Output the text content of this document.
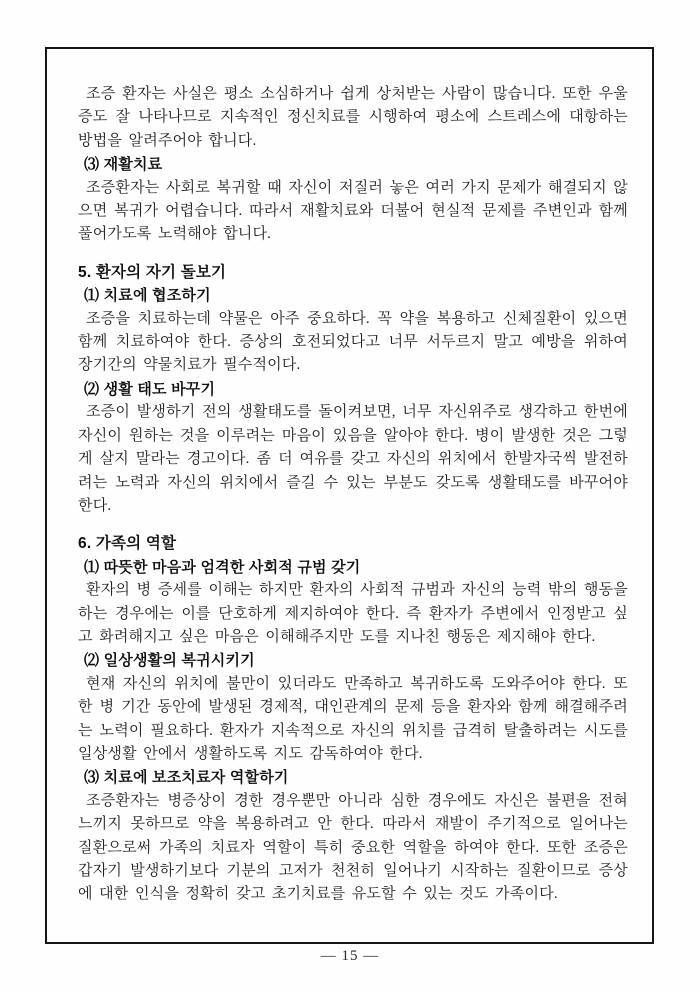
조증 환자는 사실은 평소 소심하거나 쉽게 상처받는 사람이 많습니다. 또한 우울증도 잘 나타나므로 지속적인 정신치료를 시행하여 평소에 스트레스에 대항하는 방법을 알려주어야 합니다.

⑶ 재활치료

조증환자는 사회로 복귀할 때 자신이 저질러 놓은 여러 가지 문제가 해결되지 않으면 복귀가 어렵습니다. 따라서 재활치료와 더불어 현실적 문제를 주변인과 함께 풀어가도록 노력해야 합니다.

5. 환자의 자기 돌보기
⑴ 치료에 협조하기

조증을 치료하는데 약물은 아주 중요하다. 꼭 약을 복용하고 신체질환이 있으면 함께 치료하여야 한다. 증상의 호전되었다고 너무 서두르지 말고 예방을 위하여 장기간의 약물치료가 필수적이다.

⑵ 생활 태도 바꾸기

조증이 발생하기 전의 생활태도를 돌이켜보면, 너무 자신위주로 생각하고 한번에 자신이 원하는 것을 이루려는 마음이 있음을 알아야 한다. 병이 발생한 것은 그렇게 살지 말라는 경고이다. 좀 더 여유를 갖고 자신의 위치에서 한발자국씩 발전하려는 노력과 자신의 위치에서 즐길 수 있는 부분도 갖도록 생활태도를 바꾸어야 한다.

6. 가족의 역할
⑴ 따뜻한 마음과 엄격한 사회적 규범 갖기

환자의 병 증세를 이해는 하지만 환자의 사회적 규범과 자신의 능력 밖의 행동을 하는 경우에는 이를 단호하게 제지하여야 한다. 즉 환자가 주변에서 인정받고 싶고 화려해지고 싶은 마음은 이해해주지만 도를 지나친 행동은 제지해야 한다.

⑵ 일상생활의 복귀시키기

현재 자신의 위치에 불만이 있더라도 만족하고 복귀하도록 도와주어야 한다. 또한 병 기간 동안에 발생된 경제적, 대인관계의 문제 등을 환자와 함께 해결해주려는 노력이 필요하다. 환자가 지속적으로 자신의 위치를 급격히 탈출하려는 시도를 일상생활 안에서 생활하도록 지도 감독하여야 한다.

⑶ 치료에 보조치료자 역할하기

조증환자는 병증상이 경한 경우뿐만 아니라 심한 경우에도 자신은 불편을 전혀 느끼지 못하므로 약을 복용하려고 안 한다. 따라서 재발이 주기적으로 일어나는 질환으로써 가족의 치료자 역할이 특히 중요한 역할을 하여야 한다. 또한 조증은 갑자기 발생하기보다 기분의 고저가 천천히 일어나기 시작하는 질환이므로 증상에 대한 인식을 정확히 갖고 초기치료를 유도할 수 있는 것도 가족이다.

— 15 —
